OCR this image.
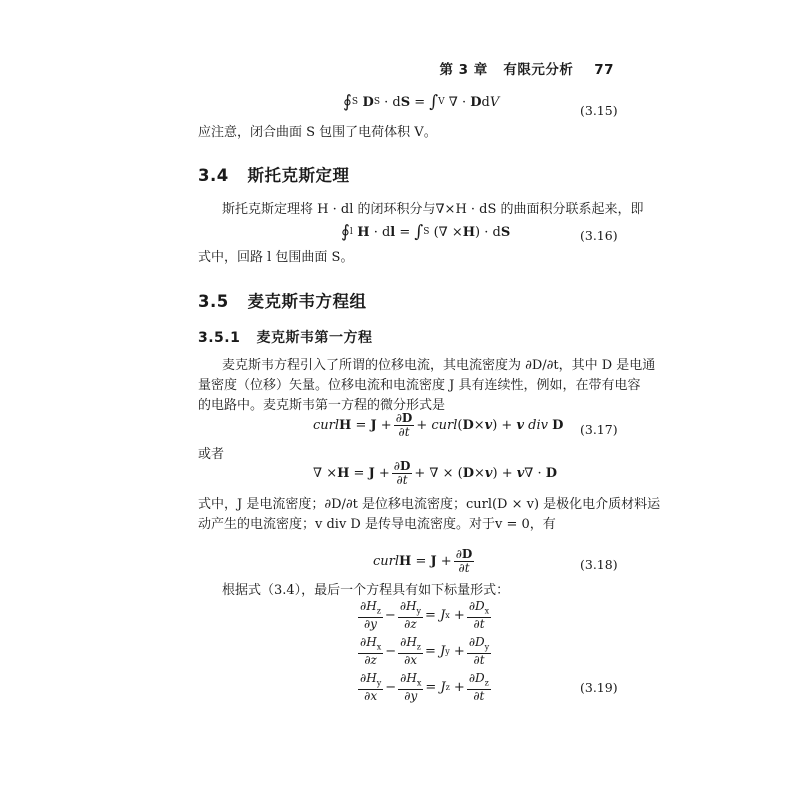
第 3 章 有限元分析 77
∮ S D S · d S = ∫ V ∇ · D d V
(3.15)
应注意，闭合曲面 S 包围了电荷体积 V。
3.4 斯托克斯定理
斯托克斯定理将 H · dl 的闭环积分与∇×H · dS 的曲面积分联系起来，即
∮ l H · d l = ∫ S (∇ × H ) · d S	(3.16)
式中，回路 l 包围曲面 S。
3.5 麦克斯韦方程组
3.5.1 麦克斯韦第一方程
麦克斯韦方程引入了所谓的位移电流，其电流密度为 ∂D/∂t，其中 D 是电通
量密度（位移）矢量。位移电流和电流密度 J 具有连续性，例如，在带有电容
的电路中。麦克斯韦第一方程的微分形式是
curl $H = J + \frac{\partial D}{\partial t}$ + curl ( D × v ) + v
div
D (3.17)
或者
∇ × $H = J + \frac{\partial D}{\partial t}$ + ∇ × ( D × v ) + v ∇ · D
式中，J 是电流密度；∂D/∂t 是位移电流密度；curl(D × v) 是极化电介质材料运
动产生的电流密度；v div D 是传导电流密度。对于v = 0，有
curl $H = J + \frac{\partial D}{\partial t}$	(3.18)
根据式（3.4），最后一个方程具有如下标量形式：
$\frac{\partial H_z}{\partial y} - \frac{\partial H_y}{\partial z} = J$ $x + \frac{\partial D_x}{\partial t}$
$\frac{\partial H_x}{\partial z} - \frac{\partial H_z}{\partial x} = J$ $y + \frac{\partial D_y}{\partial t}$
$\frac{\partial H_y}{\partial x} - \frac{\partial H_x}{\partial y} = J$ $z + \frac{\partial D_z}{\partial t}$	(3.19)
